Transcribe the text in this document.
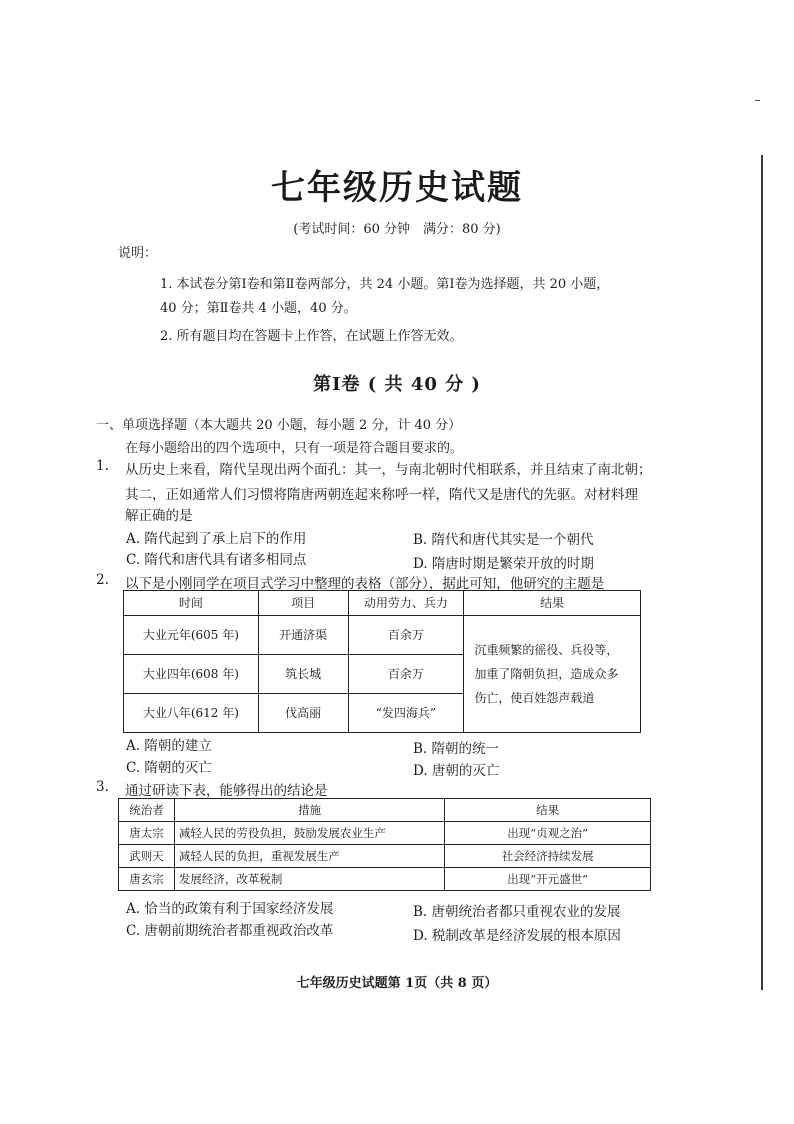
七年级历史试题
(考试时间：60 分钟　满分：80 分)
说明：
1. 本试卷分第Ⅰ卷和第Ⅱ卷两部分，共 24 小题。第Ⅰ卷为选择题，共 20 小题，
40 分；第Ⅱ卷共 4 小题，40 分。
2. 所有题目均在答题卡上作答，在试题上作答无效。
第Ⅰ卷 ( 共 40 分 )
一、单项选择题（本大题共 20 小题，每小题 2 分，计 40 分）
在每小题给出的四个选项中，只有一项是符合题目要求的。
1. 从历史上来看，隋代呈现出两个面孔：其一，与南北朝时代相联系，并且结束了南北朝；
其二，正如通常人们习惯将隋唐两朝连起来称呼一样，隋代又是唐代的先驱。对材料理
解正确的是
A. 隋代起到了承上启下的作用	B. 隋代和唐代其实是一个朝代
C. 隋代和唐代具有诸多相同点	D. 隋唐时期是繁荣开放的时期
2. 以下是小刚同学在项目式学习中整理的表格（部分），据此可知，他研究的主题是
时间	项目	动用劳力、兵力	结果
大业元年(605 年)	开通济渠	百余万	沉重频繁的徭役、兵役等，加重了隋朝负担，造成众多伤亡，使百姓怨声载道
大业四年(608 年)	筑长城	百余万	
大业八年(612 年)	伐高丽	“发四海兵”	
A. 隋朝的建立	B. 隋朝的统一
C. 隋朝的灭亡	D. 唐朝的灭亡
3. 通过研读下表，能够得出的结论是
统治者	措施	结果
唐太宗	减轻人民的劳役负担，鼓励发展农业生产	出现“贞观之治”
武则天	减轻人民的负担，重视发展生产	社会经济持续发展
唐玄宗	发展经济，改革税制	出现“开元盛世”
A. 恰当的政策有利于国家经济发展	B. 唐朝统治者都只重视农业的发展
C. 唐朝前期统治者都重视政治改革	D. 税制改革是经济发展的根本原因
七年级历史试题第 1页（共 8 页）
